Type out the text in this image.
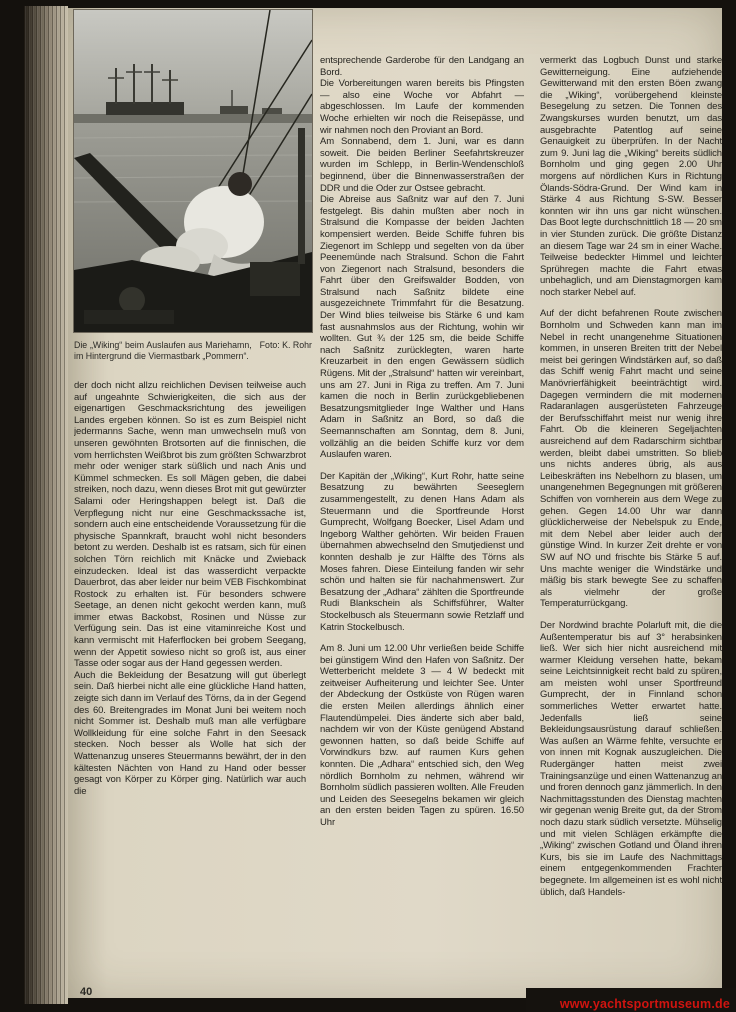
Foto: K. Rohr
Die „Wiking“ beim Auslaufen aus Mariehamn, im Hintergrund die Viermastbark „Pommern“.

der doch nicht allzu reichlichen Devisen teilweise auch auf ungeahnte Schwierigkeiten, die sich aus der eigenartigen Geschmacksrichtung des jeweiligen Landes ergeben können. So ist es zum Beispiel nicht jedermanns Sache, wenn man umwechseln muß von unseren gewöhnten Brotsorten auf die finnischen, die vom herrlichsten Weißbrot bis zum größten Schwarzbrot mehr oder weniger stark süßlich und nach Anis und Kümmel schmecken. Es soll Mägen geben, die dabei streiken, noch dazu, wenn dieses Brot mit gut gewürzter Salami oder Heringshappen belegt ist. Daß die Verpflegung nicht nur eine Geschmackssache ist, sondern auch eine entscheidende Voraussetzung für die physische Spannkraft, braucht wohl nicht besonders betont zu werden. Deshalb ist es ratsam, sich für einen solchen Törn reichlich mit Knäcke und Zwieback einzudecken. Ideal ist das wasserdicht verpackte Dauerbrot, das aber leider nur beim VEB Fischkombinat Rostock zu erhalten ist. Für besonders schwere Seetage, an denen nicht gekocht werden kann, muß immer etwas Backobst, Rosinen und Nüsse zur Verfügung sein. Das ist eine vitaminreiche Kost und kann vermischt mit Haferflocken bei grobem Seegang, wenn der Appetit sowieso nicht so groß ist, aus einer Tasse oder sogar aus der Hand gegessen werden.

Auch die Bekleidung der Besatzung will gut überlegt sein. Daß hierbei nicht alle eine glückliche Hand hatten, zeigte sich dann im Verlauf des Törns, da in der Gegend des 60. Breitengrades im Monat Juni bei weitem noch nicht Sommer ist. Deshalb muß man alle verfügbare Wollkleidung für eine solche Fahrt in den Seesack stecken. Noch besser als Wolle hat sich der Wattenanzug unseres Steuermanns bewährt, der in den kältesten Nächten von Hand zu Hand oder besser gesagt von Körper zu Körper ging. Natürlich war auch die

entsprechende Garderobe für den Landgang an Bord.

Die Vorbereitungen waren bereits bis Pfingsten — also eine Woche vor Abfahrt — abgeschlossen. Im Laufe der kommenden Woche erhielten wir noch die Reisepässe, und wir nahmen noch den Proviant an Bord.

Am Sonnabend, dem 1. Juni, war es dann soweit. Die beiden Berliner Seefahrtskreuzer wurden im Schlepp, in Berlin-Wendenschloß beginnend, über die Binnenwasserstraßen der DDR und die Oder zur Ostsee gebracht.

Die Abreise aus Saßnitz war auf den 7. Juni festgelegt. Bis dahin mußten aber noch in Stralsund die Kompasse der beiden Jachten kompensiert werden. Beide Schiffe fuhren bis Ziegenort im Schlepp und segelten von da über Peenemünde nach Stralsund. Schon die Fahrt von Ziegenort nach Stralsund, besonders die Fahrt über den Greifswalder Bodden, von Stralsund nach Saßnitz bildete eine ausgezeichnete Trimmfahrt für die Besatzung. Der Wind blies teilweise bis Stärke 6 und kam fast ausnahmslos aus der Richtung, wohin wir wollten. Gut ¾ der 125 sm, die beide Schiffe nach Saßnitz zurücklegten, waren harte Kreuzarbeit in den engen Gewässern südlich Rügens. Mit der „Stralsund“ hatten wir vereinbart, uns am 27. Juni in Riga zu treffen. Am 7. Juni kamen die noch in Berlin zurückgebliebenen Besatzungsmitglieder Inge Walther und Hans Adam in Saßnitz an Bord, so daß die Seemannschaften am Sonntag, dem 8. Juni, vollzählig an die beiden Schiffe kurz vor dem Auslaufen waren.

Der Kapitän der „Wiking“, Kurt Rohr, hatte seine Besatzung zu bewährten Seeseglern zusammengestellt, zu denen Hans Adam als Steuermann und die Sportfreunde Horst Gumprecht, Wolfgang Boecker, Lisel Adam und Ingeborg Walther gehörten. Wir beiden Frauen übernahmen abwechselnd den Smutjedienst und konnten deshalb je zur Hälfte des Törns als Moses fahren. Diese Einteilung fanden wir sehr schön und halten sie für nachahmenswert. Zur Besatzung der „Adhara“ zählten die Sportfreunde Rudi Blankschein als Schiffsführer, Walter Stockelbusch als Steuermann sowie Retzlaff und Katrin Stockelbusch.

Am 8. Juni um 12.00 Uhr verließen beide Schiffe bei günstigem Wind den Hafen von Saßnitz. Der Wetterbericht meldete 3 — 4 W bedeckt mit zeitweiser Aufheiterung und leichter See. Unter der Abdeckung der Ostküste von Rügen waren die ersten Meilen allerdings ähnlich einer Flautendümpelei. Dies änderte sich aber bald, nachdem wir von der Küste genügend Abstand gewonnen hatten, so daß beide Schiffe auf Vorwindkurs bzw. auf raumen Kurs gehen konnten. Die „Adhara“ entschied sich, den Weg nördlich Bornholm zu nehmen, während wir Bornholm südlich passieren wollten. Alle Freuden und Leiden des Seesegelns bekamen wir gleich an den ersten beiden Tagen zu spüren. 16.50 Uhr

vermerkt das Logbuch Dunst und starke Gewitterneigung. Eine aufziehende Gewitterwand mit den ersten Böen zwang die „Wiking“, vorübergehend kleinste Besegelung zu setzen. Die Tonnen des Zwangskurses wurden benutzt, um das ausgebrachte Patentlog auf seine Genauigkeit zu überprüfen. In der Nacht zum 9. Juni lag die „Wiking“ bereits südlich Bornholm und ging gegen 2.00 Uhr morgens auf nördlichen Kurs in Richtung Ölands-Södra-Grund. Der Wind kam in Stärke 4 aus Richtung S-SW. Besser konnten wir ihn uns gar nicht wünschen. Das Boot legte durchschnittlich 18 — 20 sm in vier Stunden zurück. Die größte Distanz an diesem Tage war 24 sm in einer Wache. Teilweise bedeckter Himmel und leichter Sprühregen machte die Fahrt etwas unbehaglich, und am Dienstagmorgen kam noch starker Nebel auf.

Auf der dicht befahrenen Route zwischen Bornholm und Schweden kann man im Nebel in recht unangenehme Situationen kommen, in unseren Breiten tritt der Nebel meist bei geringen Windstärken auf, so daß das Schiff wenig Fahrt macht und seine Manövrierfähigkeit beeinträchtigt wird. Dagegen vermindern die mit modernen Radaranlagen ausgerüsteten Fahrzeuge der Berufsschiffahrt meist nur wenig ihre Fahrt. Ob die kleineren Segeljachten ausreichend auf dem Radarschirm sichtbar werden, bleibt dabei umstritten. So blieb uns nichts anderes übrig, als aus Leibeskräften ins Nebelhorn zu blasen, um unangenehmen Begegnungen mit größeren Schiffen von vornherein aus dem Wege zu gehen. Gegen 14.00 Uhr war dann glücklicherweise der Nebelspuk zu Ende, mit dem Nebel aber leider auch der günstige Wind. In kurzer Zeit drehte er von SW auf NO und frischte bis Stärke 5 auf. Uns machte weniger die Windstärke und mäßig bis stark bewegte See zu schaffen als vielmehr der große Temperaturrückgang.

Der Nordwind brachte Polarluft mit, die die Außentemperatur bis auf 3° herabsinken ließ. Wer sich hier nicht ausreichend mit warmer Kleidung versehen hatte, bekam seine Leichtsinnigkeit recht bald zu spüren, am meisten wohl unser Sportfreund Gumprecht, der in Finnland schon sommerliches Wetter erwartet hatte. Jedenfalls ließ seine Bekleidungsausrüstung darauf schließen. Was außen an Wärme fehlte, versuchte er von innen mit Kognak auszugleichen. Die Rudergänger hatten meist zwei Trainingsanzüge und einen Wattenanzug an und froren dennoch ganz jämmerlich. In den Nachmittagsstunden des Dienstag machten wir gegenan wenig Breite gut, da der Strom noch dazu stark südlich versetzte. Mühselig und mit vielen Schlägen erkämpfte die „Wiking“ zwischen Gotland und Öland ihren Kurs, bis sie im Laufe des Nachmittags einem entgegenkommenden Frachter begegnete. Im allgemeinen ist es wohl nicht üblich, daß Handels-

40
www.yachtsportmuseum.de
